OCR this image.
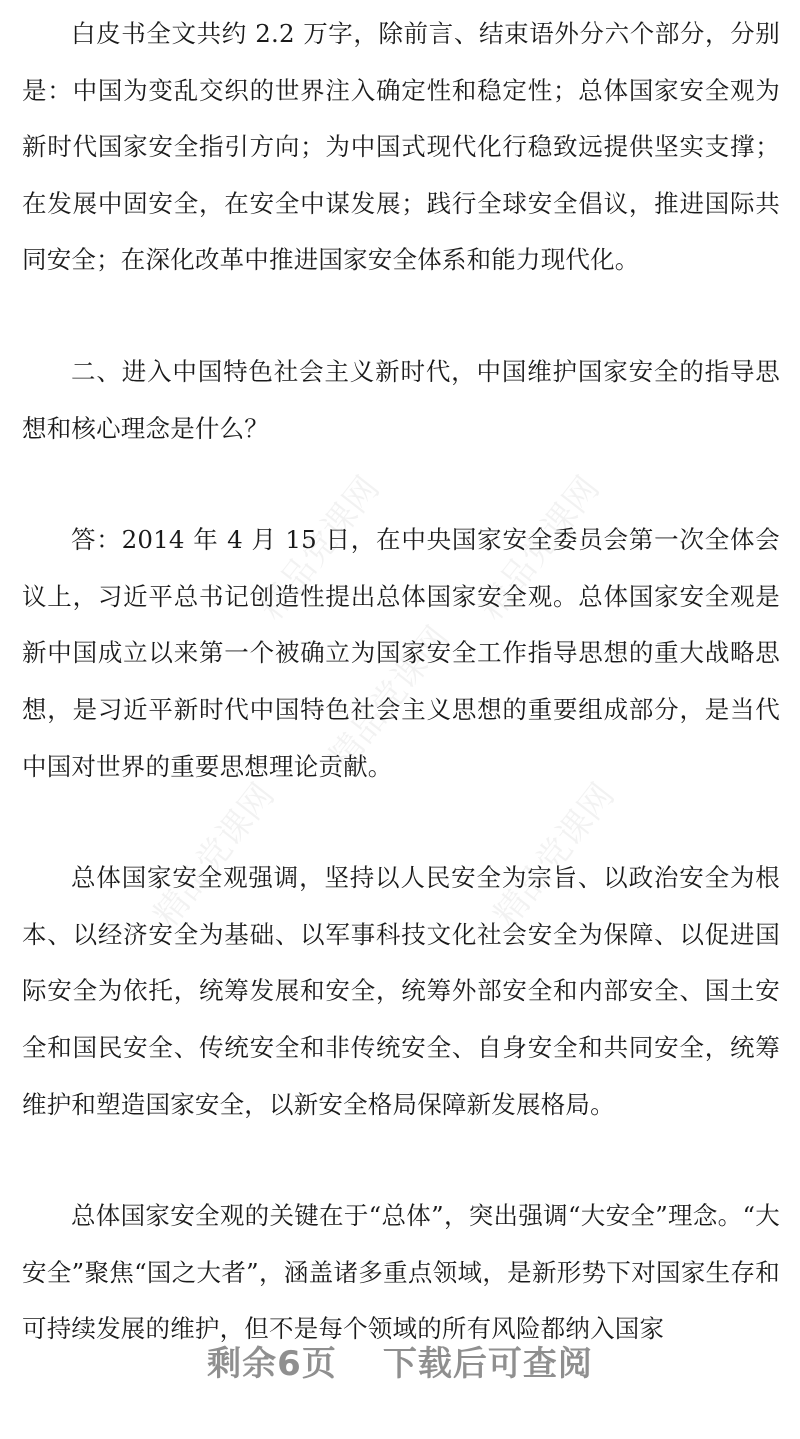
精品党课网
精品党课网
精品党课网
精品党课网	精品党课网

白皮书全文共约 2.2 万字，除前言、结束语外分六个部分，分别是：中国为变乱交织的世界注入确定性和稳定性；总体国家安全观为新时代国家安全指引方向；为中国式现代化行稳致远提供坚实支撑；在发展中固安全，在安全中谋发展；践行全球安全倡议，推进国际共同安全；在深化改革中推进国家安全体系和能力现代化。

二、进入中国特色社会主义新时代，中国维护国家安全的指导思想和核心理念是什么？

答：2014 年 4 月 15 日，在中央国家安全委员会第一次全体会议上，习近平总书记创造性提出总体国家安全观。总体国家安全观是新中国成立以来第一个被确立为国家安全工作指导思想的重大战略思想，是习近平新时代中国特色社会主义思想的重要组成部分，是当代中国对世界的重要思想理论贡献。

总体国家安全观强调，坚持以人民安全为宗旨、以政治安全为根本、以经济安全为基础、以军事科技文化社会安全为保障、以促进国际安全为依托，统筹发展和安全，统筹外部安全和内部安全、国土安全和国民安全、传统安全和非传统安全、自身安全和共同安全，统筹维护和塑造国家安全，以新安全格局保障新发展格局。

总体国家安全观的关键在于“总体”，突出强调“大安全”理念。“大安全”聚焦“国之大者”，涵盖诸多重点领域，是新形势下对国家生存和可持续发展的维护，但不是每个领域的所有风险都纳入国家

剩余6页 下载后可查阅
